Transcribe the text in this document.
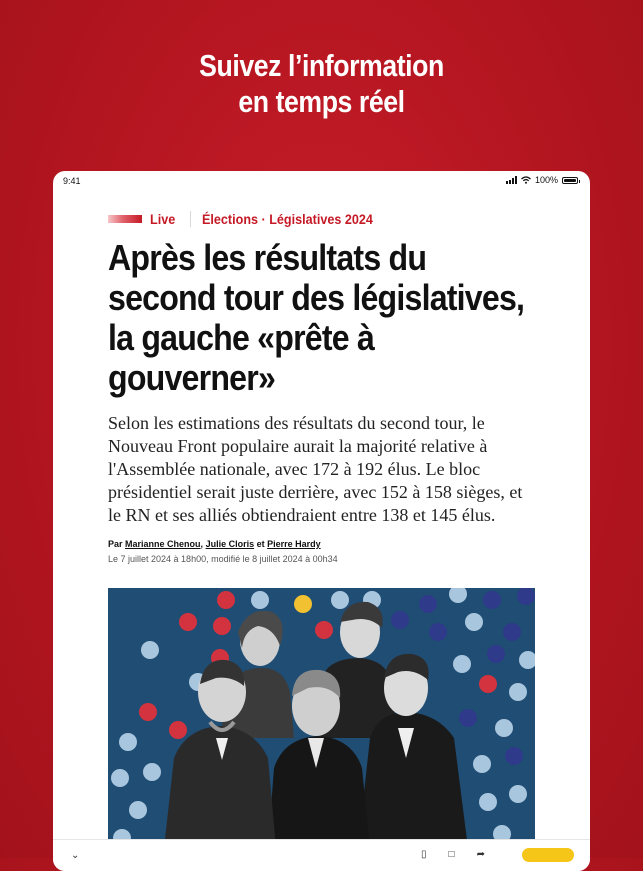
Suivez l’information
en temps réel
9:41	100%
Live Élections · Législatives 2024
Après les résultats du second tour des législatives, la gauche «prête à gouverner»

Selon les estimations des résultats du second tour, le Nouveau Front populaire aurait la majorité relative à l'Assemblée nationale, avec 172 à 192 élus. Le bloc présidentiel serait juste derrière, avec 152 à 158 sièges, et le RN et ses alliés obtiendraient entre 138 et 145 élus.

Par Marianne Chenou, Julie Cloris et Pierre Hardy
Le 7 juillet 2024 à 18h00, modifié le 8 juillet 2024 à 00h34
⌄	▯ □ ➦
